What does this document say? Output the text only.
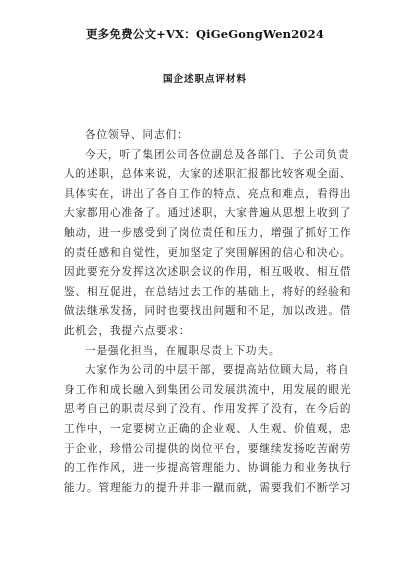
更多免费公文+VX：QiGeGongWen2024
国企述职点评材料
各位领导、同志们：
今天，听了集团公司各位副总及各部门、子公司负责
人的述职，总体来说，大家的述职汇报都比较客观全面、
具体实在，讲出了各自工作的特点、亮点和难点，看得出
大家都用心准备了。通过述职，大家普遍从思想上收到了
触动，进一步感受到了岗位责任和压力，增强了抓好工作
的责任感和自觉性，更加坚定了突围解困的信心和决心。
因此要充分发挥这次述职会议的作用，相互吸收、相互借
鉴、相互促进，在总结过去工作的基础上，将好的经验和
做法继承发扬，同时也要找出问题和不足，加以改进。借
此机会，我提六点要求：
一是强化担当，在履职尽责上下功夫。
大家作为公司的中层干部，要提高站位顾大局，将自
身工作和成长融入到集团公司发展洪流中，用发展的眼光
思考自己的职责尽到了没有、作用发挥了没有，在今后的
工作中，一定要树立正确的企业观、人生观、价值观，忠
于企业，珍惜公司提供的岗位平台，要继续发扬吃苦耐劳
的工作作风，进一步提高管理能力、协调能力和业务执行
能力。管理能力的提升并非一蹴而就，需要我们不断学习
